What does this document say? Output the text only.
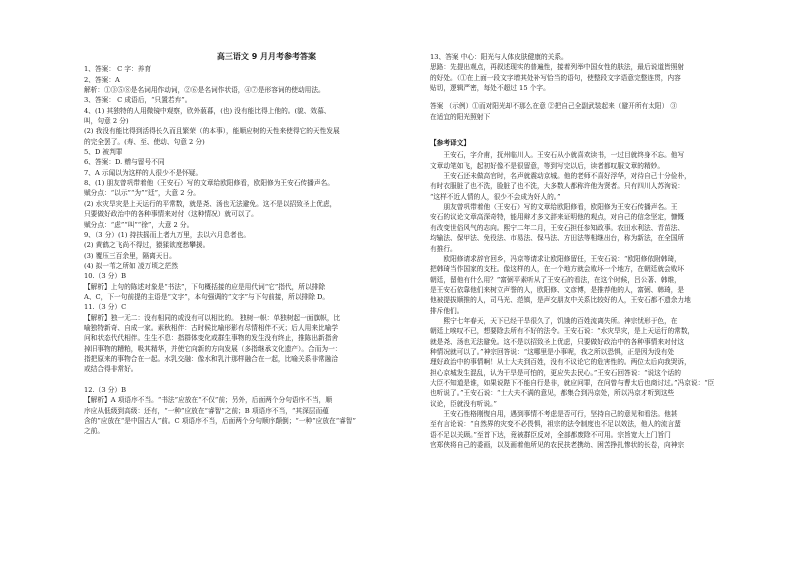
高三语文 9 月月考参考答案
1、答案： C 字：养育
2、答案：A
解析：①③⑤⑧是名词用作动词，②⑥是名词作状语，④⑦是形容词的使动用法。
3、答案： C 成语后，“只置若弃”。
4、(1) 其独特的人用微镜中观察，欣外藐暮，(也) 没有能比得上他的。(貌、效慕、
叫，句意 2 分)
(2) 我没有能比得到活得长久而且繁荣（的本事），能顺应树的天性来使得它的天性发展
的完全罢了。(寿、至、使动、句意 2 分)
5、D 被判罪
6、答案：D. 赠与留号不同
7、A 示闻以为这样的人很少不是怀疑。
8、(1) 朋友曾巩带着他（王安石）写的文章给欧阳修看，欧阳修为王安石传播声名。
赋分点：“以示”“为”“廷”，大意 2 分。
(2) 水灾旱灾是上天运行的平常数，就是尧、汤也无法避免。这不是以招致圣上优虑，
只要做好政治中的各种事情来对付（这种情况）就可以了。
赋分点：“虑”“叫”“徐”，大意 2 分。
9、（3 分）(1) 持扶摇而上者九万里，去以六月息者也。
(2) 黄鹤之飞尚不得过，猿猱欲度愁攀援。
(3) 覆压三百余里，隔离天日。
(4) 拟一苇之所如 凌万顷之茫然
10.（3 分）B
【解析】上句的陈述对象是“书法”，下句概括接的应是用代词“它”指代，所以排除
A、C，下一句前提的主语是“文字”，本句强调的“文字”与下句前接，所以排除 D。
11.（3 分）C
【解析】独一无二：没有相同的或没有可以相比的。 独树一帜：单独树起一面旗帜，比
喻独特新奇、自成一家。素秋相伴：古时候比喻形影有尽情相伴不灭；后人用来比喻学
问和状态代代相伴。生生不息：指群体变化或群生事物的发生没有终止，推陈出新指舍
掉旧事物的糟粕，吸其精华，并使它向新的方向发展（多指继承文化遗产）。合而为一：
指把原来的事物合在一起。水乳交融：像水和乳汁那样融合在一起，比喻关系非常融洽
或结合得非常好。
12.（3 分）B
【解析】A 项语序不当。“书法”应放在“不仅”前；另外，后面两个分句语序不当，顺
序应从低级到高级：还有，“一种”应放在“睿智”之前；B 项语序不当，“其深层而蕴
含的”应放在“是中国古人”前。C 项语序不当，后面两个分句顺序颠倒；“一种”应放在“睿智”
之前。
13、答案 中心：阳光与人体皮肤健康的关系。
思路：先提出观点，再叙述现实的普遍性，接着列举中国女性的肤法，最后说道皆照射
的好处。（①在上面一段文字增其处补写恰当的语句，使整段文字语意完整连贯，内容
贴切，逻辑严密，每处不超过 15 个字。
答案 （示例）①而对阳光却不那么在意 ②把自己全副武装起来（避开所有太阳） ③
在适宜的阳光照射下
【参考译文】
王安石，字介甫，抚州临川人。王安石从小就喜欢读书，一过目就终身不忘。他写
文章动笔如飞，起初好像不是很留意，等到写完以后，读者都叹服文章的精妙。
王安石还未做高官时，名声就震动京城。他的老师不喜好浮华，对待自己十分俭朴，
有时衣服脏了也不洗，脸脏了也不洗，大多数人都称许他为贤者。只有四川人苏洵说：
“这样不近人情的人，很少不会成为奸人的。”
朋友曾巩带着他（王安石）写的文章给欧阳修看，欧阳修为王安石传播声名。王
安石的议论文章高深奇特，能用辩才多文辞来证明他的观点，对自己的信念坚定，慷慨
有改变世俗风气的志向。熙宁二年二月，王安石担任参知政事。农田水利法、青苗法、
均输法、保甲法、免役法、市易法、保马法、方田法等相继出台，称为新法，在全国所
有推行。
欧阳修请求辞官回乡，冯京等请求让欧阳修留任，王安石说：“欧阳修依附韩琦，
把韩琦当作国家的支柱。像这样的人，在一个地方就会败坏一个地方，在朝廷就会败坏
朝廷，留他有什么用？”富弼平素听从了王安石的看法，在这个时候，吕公著、韩维，
是王安石依靠他们来树立声誉的人，欧阳修、文彦博，是推荐他的人，富弼、韩琦，是
他被提拔顺推的人，司马光、范镇，是声交朋友中关系比较好的人，王安石都不遗余力地
排斥他们。
熙宁七年春天，天下已经干旱很久了，饥饿的百姓流离失所。神宗忧形于色，在
朝廷上唉叹不已，想要除去所有不好的法令。王安石说：“水灾旱灾，是上天运行的常数，
就是尧、汤也无法避免。这不是以招致圣上优虑，只要做好政治中的各种事情来对付这
种情况就可以了。”神宗回答说：“这哪里是小事呢，我之所以恐惧，正是因为没有处
理好政治中的事情啊！从士大夫到百姓，没有不议论它的危害性的。两位太后向我哭诉，
担心京城发生混乱，认为干旱是可怕的，更应失去民心。”王安石回答说：“说这个话的
大臣不知道是谁，如果说陛下不能自行是非，就应问罪，在问曾与曹太后也商讨过。”冯京说：“臣
也听说了。”王安石说：“士大夫不满的意见，都集合到冯京处，所以冯京才听到这些
议论，臣就没有听说。”
王安石性格刚愎自用，遇到事情不考虑是否可行，坚持自己的意见和看法。他甚
至有言论说：“自然界的灾变不必畏惧，祖宗的法令制度也不足以效法，他人的流言蜚
语不足以关顾。”至首下达，竟被群臣反对，全部都废除不可用。宗旨宽大上门旨门
官郑侠将自己的委画，以及画着他所见的农民扶老携幼、困苦挣扎惨状的长卷，向神宗
